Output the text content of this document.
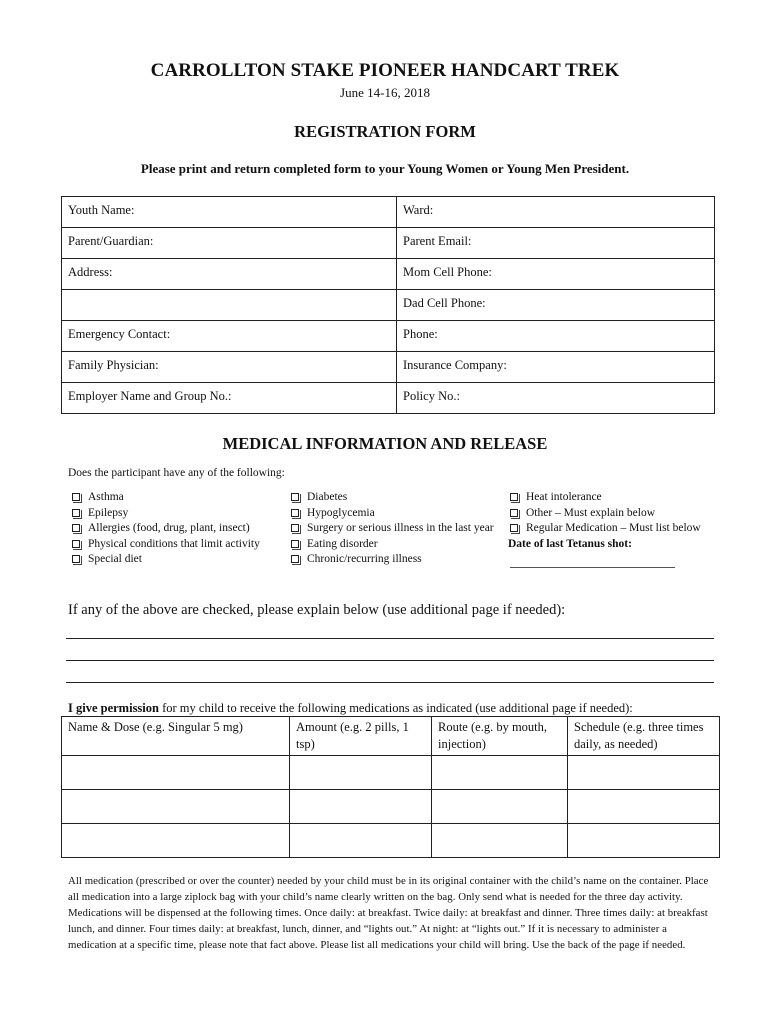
CARROLLTON STAKE PIONEER HANDCART TREK
June 14-16, 2018
REGISTRATION FORM
Please print and return completed form to your Young Women or Young Men President.
Youth Name:	Ward:
Parent/Guardian:	Parent Email:
Address:	Mom Cell Phone:
	Dad Cell Phone:
Emergency Contact:	Phone:
Family Physician:	Insurance Company:
Employer Name and Group No.:	Policy No.:
MEDICAL INFORMATION AND RELEASE
Does the participant have any of the following:
Asthma
Epilepsy
Allergies (food, drug, plant, insect)
Physical conditions that limit activity
Special diet
Diabetes
Hypoglycemia
Surgery or serious illness in the last year
Eating disorder
Chronic/recurring illness
Heat intolerance
Other – Must explain below
Regular Medication – Must list below
Date of last Tetanus shot:
If any of the above are checked, please explain below (use additional page if needed):
I give permission for my child to receive the following medications as indicated (use additional page if needed):
Name & Dose (e.g. Singular 5 mg)	Amount (e.g. 2 pills, 1 tsp)	Route (e.g. by mouth, injection)	Schedule (e.g. three times daily, as needed)

All medication (prescribed or over the counter) needed by your child must be in its original container with the child’s name on the container. Place all medication into a large ziplock bag with your child’s name clearly written on the bag. Only send what is needed for the three day activity. Medications will be dispensed at the following times. Once daily: at breakfast. Twice daily: at breakfast and dinner. Three times daily: at breakfast lunch, and dinner. Four times daily: at breakfast, lunch, dinner, and “lights out.” At night: at “lights out.” If it is necessary to administer a medication at a specific time, please note that fact above. Please list all medications your child will bring. Use the back of the page if needed.
